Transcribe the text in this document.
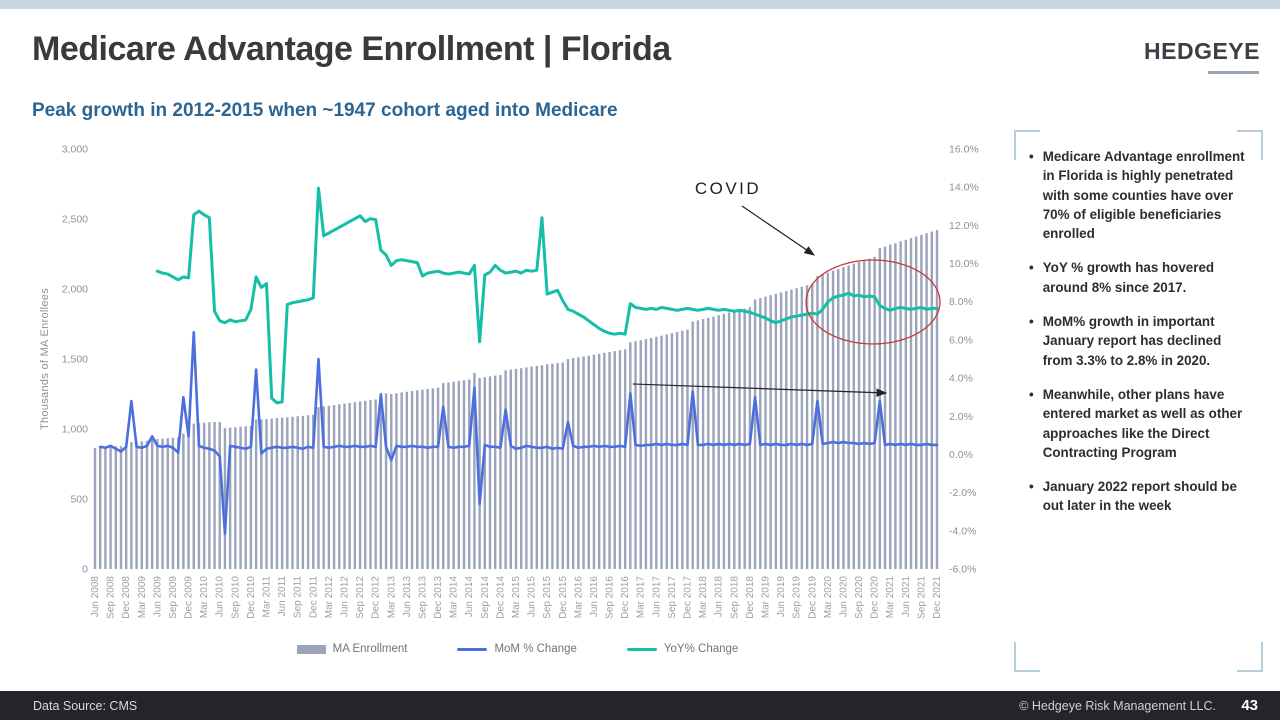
Medicare Advantage Enrollment | Florida	HEDGEYE
Peak growth in 2012-2015 when ~1947 cohort aged into Medicare
3,000
2,500
2,000
1,500
1,000
500
0
16.0%
14.0%
12.0%
10.0%
8.0%
6.0%
4.0%
2.0%
0.0%
-2.0%
-4.0%
-6.0%
Jun 2008 Sep 2008 Dec 2008 Mar 2009 Jun 2009 Sep 2009 Dec 2009 Mar 2010 Jun 2010 Sep 2010 Dec 2010 Mar 2011 Jun 2011 Sep 2011 Dec 2011 Mar 2012 Jun 2012 Sep 2012 Dec 2012 Mar 2013 Jun 2013 Sep 2013 Dec 2013 Mar 2014 Jun 2014 Sep 2014 Dec 2014 Mar 2015 Jun 2015 Sep 2015 Dec 2015 Mar 2016 Jun 2016 Sep 2016 Dec 2016 Mar 2017 Jun 2017 Sep 2017 Dec 2017 Mar 2018 Jun 2018 Sep 2018 Dec 2018 Mar 2019 Jun 2019 Sep 2019 Dec 2019 Mar 2020 Jun 2020 Sep 2020 Dec 2020 Mar 2021 Jun 2021 Sep 2021 Dec 2021
Thousands of MA Enrollees
COVID
MA Enrollment	MoM % Change	YoY% Change
• Medicare Advantage enrollment in Florida is highly penetrated with some counties have over 70% of eligible beneficiaries enrolled
• YoY % growth has hovered around 8% since 2017.
• MoM% growth in important January report has declined from 3.3% to 2.8% in 2020.
• Meanwhile, other plans have entered market as well as other approaches like the Direct Contracting Program
• January 2022 report should be out later in the week
Data Source: CMS	© Hedgeye Risk Management LLC. 43
